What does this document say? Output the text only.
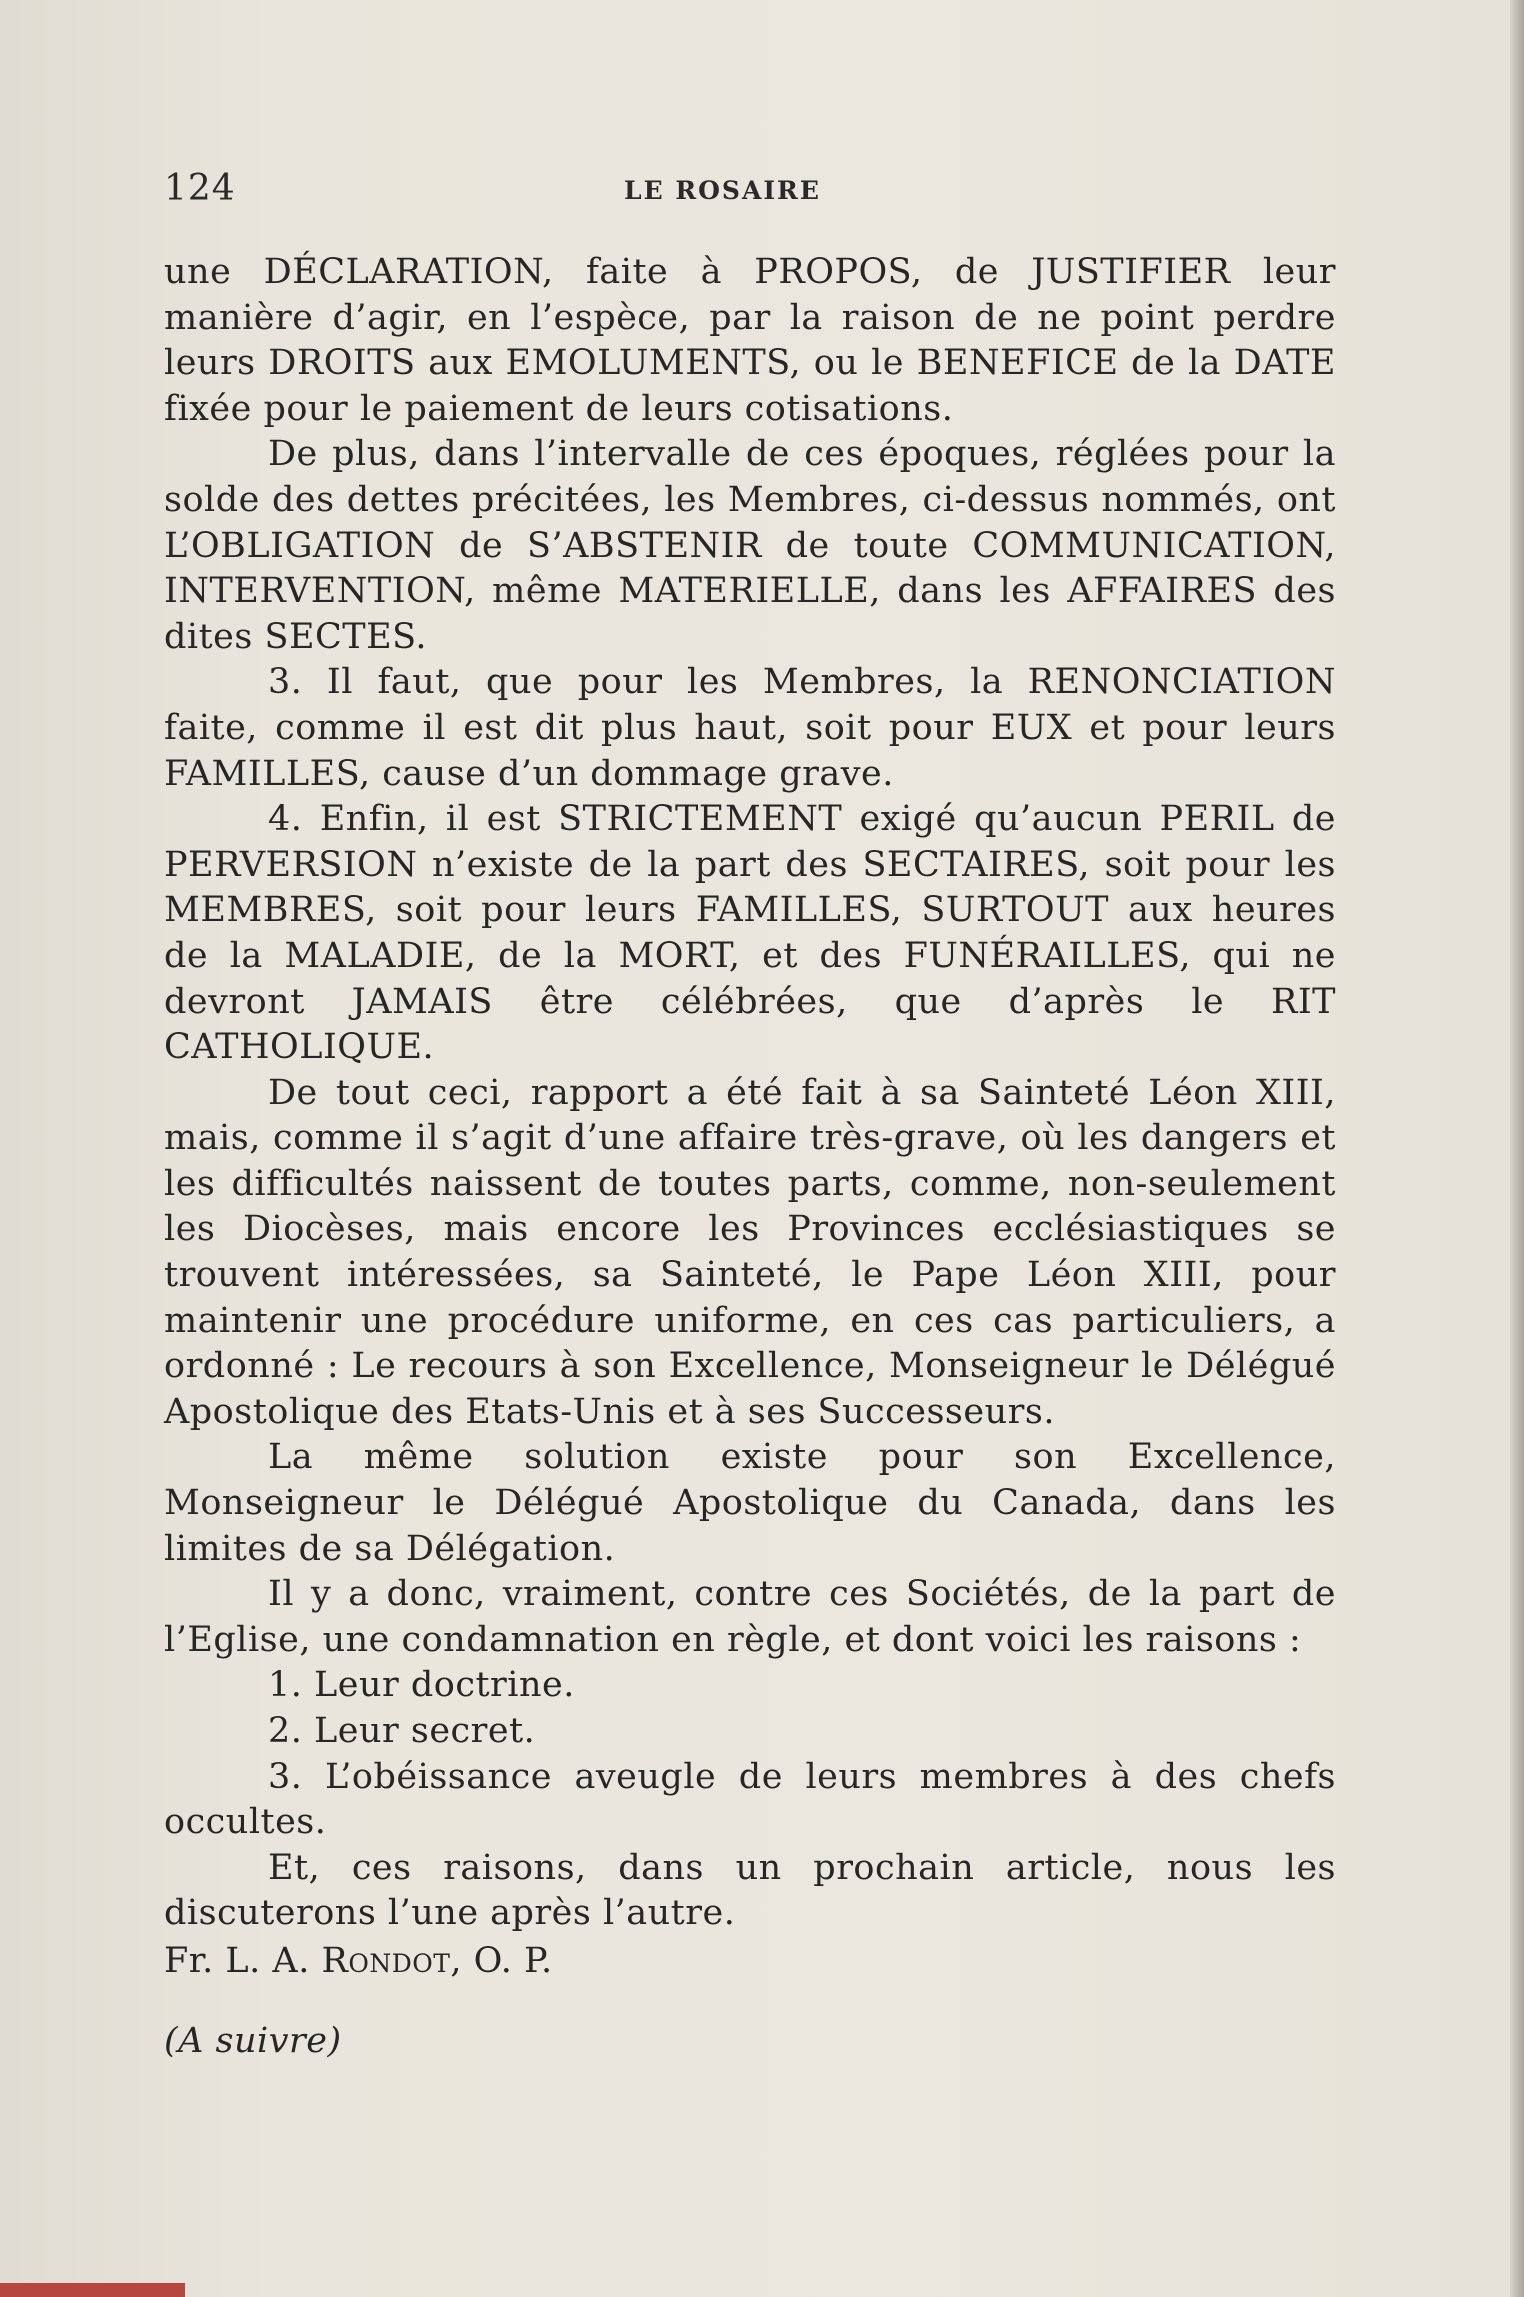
124	LE ROSAIRE

une DÉCLARATION, faite à PROPOS, de JUSTIFIER leur manière d’agir, en l’espèce, par la raison de ne point perdre leurs DROITS aux EMOLUMENTS, ou le BENEFICE de la DATE fixée pour le paiement de leurs cotisations.

De plus, dans l’intervalle de ces époques, réglées pour la solde des dettes précitées, les Membres, ci-dessus nommés, ont L’OBLIGATION de S’ABSTENIR de toute COMMUNICATION, INTERVENTION, même MATERIELLE, dans les AFFAIRES des dites SECTES.

3. Il faut, que pour les Membres, la RENONCIATION faite, comme il est dit plus haut, soit pour EUX et pour leurs FAMILLES, cause d’un dommage grave.

4. Enfin, il est STRICTEMENT exigé qu’aucun PERIL de PERVERSION n’existe de la part des SECTAIRES, soit pour les MEMBRES, soit pour leurs FAMILLES, SURTOUT aux heures de la MALADIE, de la MORT, et des FUNÉRAILLES, qui ne devront JAMAIS être célébrées, que d’après le RIT CATHOLIQUE.

De tout ceci, rapport a été fait à sa Sainteté Léon XIII, mais, comme il s’agit d’une affaire très-grave, où les dangers et les difficultés naissent de toutes parts, comme, non-seulement les Diocèses, mais encore les Provinces ecclésiastiques se trouvent intéressées, sa Sainteté, le Pape Léon XIII, pour maintenir une procédure uniforme, en ces cas particuliers, a ordonné : Le recours à son Excellence, Monseigneur le Délégué Apostolique des Etats-Unis et à ses Successeurs.

La même solution existe pour son Excellence, Monseigneur le Délégué Apostolique du Canada, dans les limites de sa Délégation.

Il y a donc, vraiment, contre ces Sociétés, de la part de l’Eglise, une condamnation en règle, et dont voici les raisons :

1. Leur doctrine.

2. Leur secret.

3. L’obéissance aveugle de leurs membres à des chefs occultes.

Et, ces raisons, dans un prochain article, nous les discuterons l’une après l’autre.

Fr. L. A. Rondot, O. P.

(A suivre)
